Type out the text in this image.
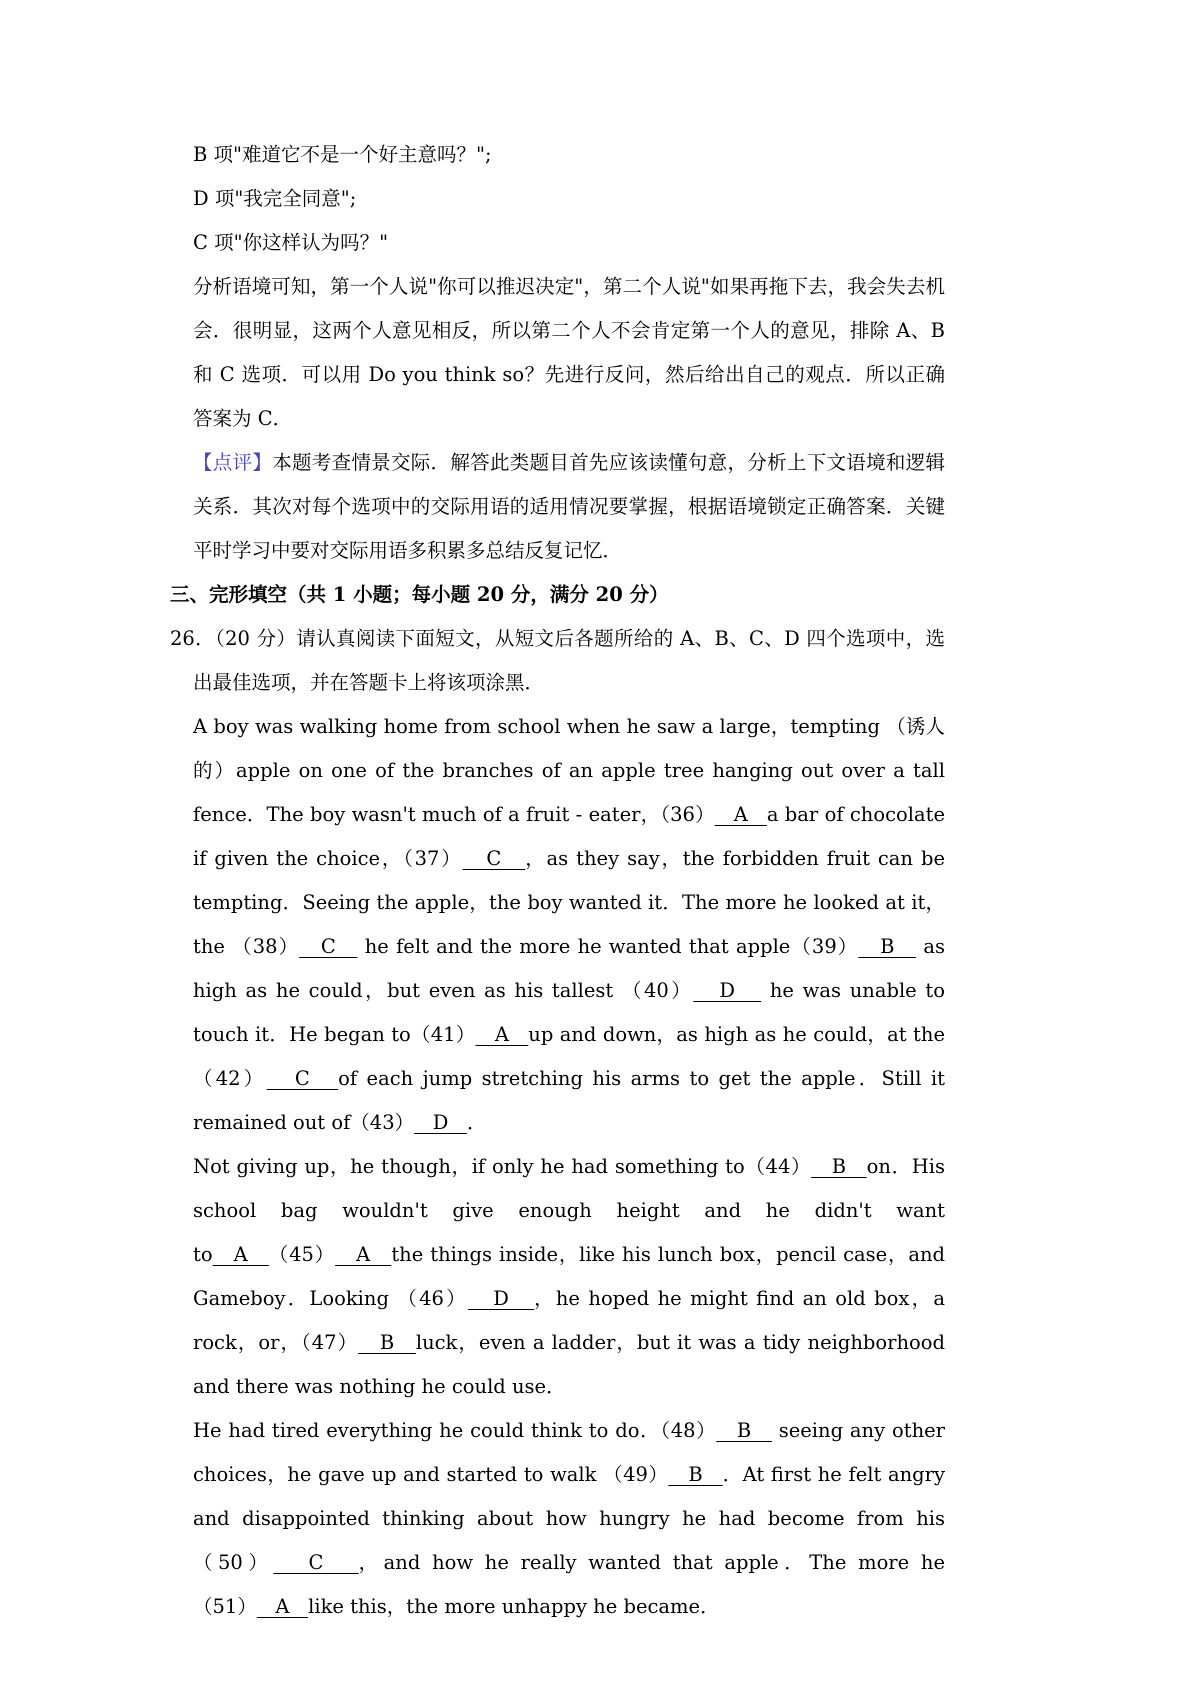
B 项"难道它不是一个好主意吗？";

D 项"我完全同意";

C 项"你这样认为吗？"

分析语境可知，第一个人说"你可以推迟决定"，第二个人说"如果再拖下去，我会失去机会．很明显，这两个人意见相反，所以第二个人不会肯定第一个人的意见，排除 A、B 和 C 选项．可以用 Do you think so？先进行反问，然后给出自己的观点．所以正确答案为 C．

【点评】本题考查情景交际．解答此类题目首先应该读懂句意，分析上下文语境和逻辑关系．其次对每个选项中的交际用语的适用情况要掌握，根据语境锁定正确答案．关键平时学习中要对交际用语多积累多总结反复记忆．

三、完形填空（共 1 小题；每小题 20 分，满分 20 分）

26．（20 分）请认真阅读下面短文，从短文后各题所给的 A、B、C、D 四个选项中，选出最佳选项，并在答题卡上将该项涂黑．

A boy was walking home from school when he saw a large，tempting （诱人的）apple on one of the branches of an apple tree hanging out over a tall fence．The boy wasn't much of a fruit - eater，（36）   A   a bar of chocolate if given the choice，（37）   C   ，as they say，the forbidden fruit can be tempting．Seeing the apple，the boy wanted it．The more he looked at it，the （38）   C    he felt and the more he wanted that apple（39）   B    as high as he could，but even as his tallest （40）   D    he was unable to touch it．He began to（41）   A   up and down，as high as he could，at the（42）   C   of each jump stretching his arms to get the apple．Still it remained out of（43）   D   ．

Not giving up，he though，if only he had something to（44）   B   on．His school bag wouldn't give enough height and he didn't want to   A   （45）   A   the things inside，like his lunch box，pencil case，and Gameboy．Looking （46）   D   ，he hoped he might find an old box，a rock，or，（47）   B   luck，even a ladder，but it was a tidy neighborhood and there was nothing he could use．

He had tired everything he could think to do．（48）   B    seeing any other choices，he gave up and started to walk （49）   B   ．At first he felt angry and disappointed thinking about how hungry he had become from his（50）   C   ，and how he really wanted that apple．The more he（51）   A   like this，the more unhappy he became．
